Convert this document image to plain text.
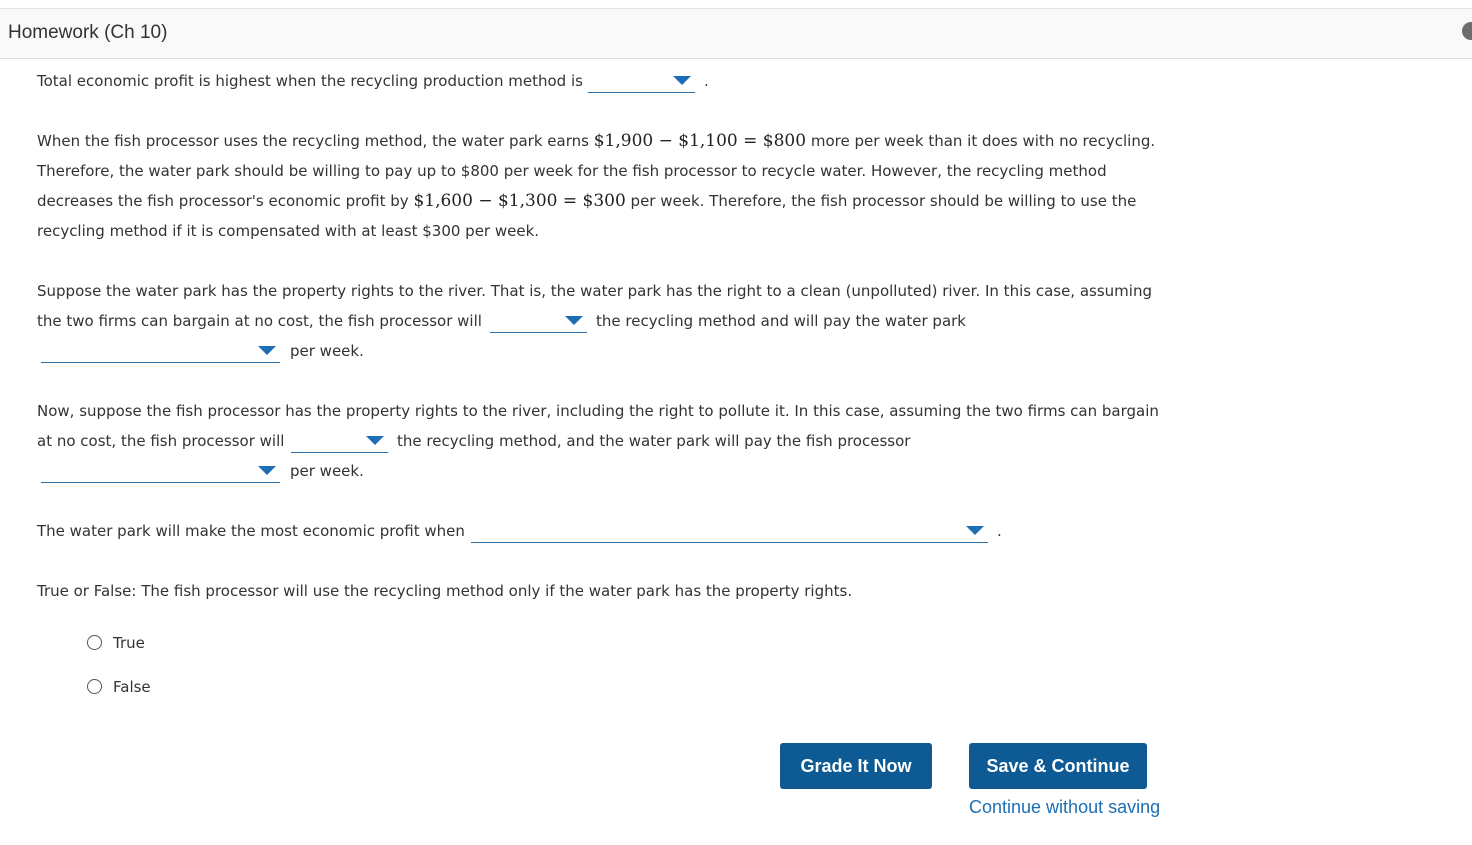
Homework (Ch 10)
Total economic profit is highest when the recycling production method is	.
When the fish processor uses the recycling method, the water park earns $1,900 − $1,100 = $800 more per week than it does with no recycling.
Therefore, the water park should be willing to pay up to $800 per week for the fish processor to recycle water. However, the recycling method
decreases the fish processor's economic profit by $1,600 − $1,300 = $300 per week. Therefore, the fish processor should be willing to use the
recycling method if it is compensated with at least $300 per week.
Suppose the water park has the property rights to the river. That is, the water park has the right to a clean (unpolluted) river. In this case, assuming
the two firms can bargain at no cost, the fish processor will	the recycling method and will pay the water park
per week.
Now, suppose the fish processor has the property rights to the river, including the right to pollute it. In this case, assuming the two firms can bargain
at no cost, the fish processor will	the recycling method, and the water park will pay the fish processor
per week.
The water park will make the most economic profit when	.
True or False: The fish processor will use the recycling method only if the water park has the property rights.
True
False
Grade It Now	Save & Continue
Continue without saving
